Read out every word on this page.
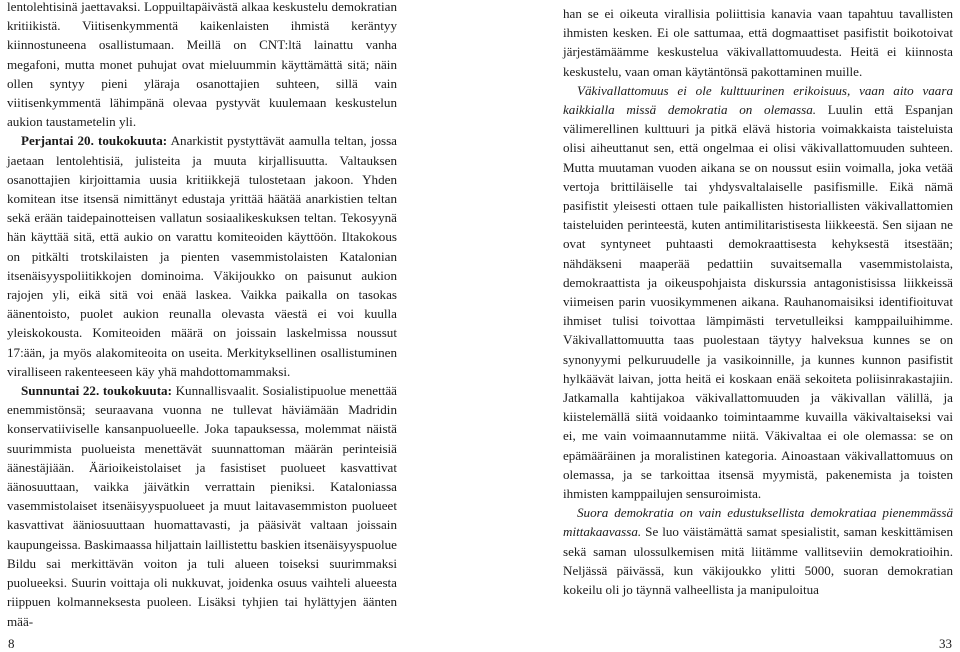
lentolehtisinä jaettavaksi. Loppuiltapäivästä alkaa keskustelu demokratian kritiikistä. Viitisenkymmentä kaikenlaisten ihmistä keräntyy kiinnostuneena osallistumaan. Meillä on CNT:ltä lainattu vanha megafoni, mutta monet puhujat ovat mieluummin käyttämättä sitä; näin ollen syntyy pieni yläraja osanottajien suhteen, sillä vain viitisenkymmentä lähimpänä olevaa pystyvät kuulemaan keskustelun aukion taustametelin yli.

Perjantai 20. toukokuuta: Anarkistit pystyttävät aamulla teltan, jossa jaetaan lentolehtisiä, julisteita ja muuta kirjallisuutta. Valtauksen osanottajien kirjoittamia uusia kritiikkejä tulostetaan jakoon. Yhden komitean itse itsensä nimittänyt edustaja yrittää häätää anarkistien teltan sekä erään taidepainotteisen vallatun sosiaalikeskuksen teltan. Tekosyynä hän käyttää sitä, että aukio on varattu komiteoiden käyttöön. Iltakokous on pitkälti trotskilaisten ja pienten vasemmistolaisten Katalonian itsenäisyyspoliitikkojen dominoima. Väkijoukko on paisunut aukion rajojen yli, eikä sitä voi enää laskea. Vaikka paikalla on tasokas äänentoisto, puolet aukion reunalla olevasta väestä ei voi kuulla yleiskokousta. Komiteoiden määrä on joissain laskelmissa noussut 17:ään, ja myös alakomiteoita on useita. Merkityksellinen osallistuminen viralliseen rakenteeseen käy yhä mahdottomammaksi.

Sunnuntai 22. toukokuuta: Kunnallisvaalit. Sosialistipuolue menettää enemmistönsä; seuraavana vuonna ne tullevat häviämään Madridin konservatiiviselle kansanpuolueelle. Joka tapauksessa, molemmat näistä suurimmista puolueista menettävät suunnattoman määrän perinteisiä äänestäjiään. Äärioikeistolaiset ja fasistiset puolueet kasvattivat äänosuuttaan, vaikka jäivätkin verrattain pieniksi. Kataloniassa vasemmistolaiset itsenäisyyspuolueet ja muut laitavasemmiston puolueet kasvattivat ääniosuuttaan huomattavasti, ja pääsivät valtaan joissain kaupungeissa. Baskimaassa hiljattain laillistettu baskien itsenäisyyspuolue Bildu sai merkittävän voiton ja tuli alueen toiseksi suurimmaksi puolueeksi. Suurin voittaja oli nukkuvat, joidenka osuus vaihteli alueesta riippuen kolmanneksesta puoleen. Lisäksi tyhjien tai hylättyjen äänten mää-

han se ei oikeuta virallisia poliittisia kanavia vaan tapahtuu tavallisten ihmisten kesken. Ei ole sattumaa, että dogmaattiset pasifistit boikotoivat järjestämäämme keskustelua väkivallattomuudesta. Heitä ei kiinnosta keskustelu, vaan oman käytäntönsä pakottaminen muille.

Väkivallattomuus ei ole kulttuurinen erikoisuus, vaan aito vaara kaikkialla missä demokratia on olemassa. Luulin että Espanjan välimerellinen kulttuuri ja pitkä elävä historia voimakkaista taisteluista olisi aiheuttanut sen, että ongelmaa ei olisi väkivallattomuuden suhteen. Mutta muutaman vuoden aikana se on noussut esiin voimalla, joka vetää vertoja brittiläiselle tai yhdysvaltalaiselle pasifismille. Eikä nämä pasifistit yleisesti ottaen tule paikallisten historiallisten väkivallattomien taisteluiden perinteestä, kuten antimilitaristisesta liikkeestä. Sen sijaan ne ovat syntyneet puhtaasti demokraattisesta kehyksestä itsestään; nähdäkseni maaperää pedattiin suvaitsemalla vasemmistolaista, demokraattista ja oikeuspohjaista diskurssia antagonistisissa liikkeissä viimeisen parin vuosikymmenen aikana. Rauhanomaisiksi identifioituvat ihmiset tulisi toivottaa lämpimästi tervetulleiksi kamppailuihimme. Väkivallattomuutta taas puolestaan täytyy halveksua kunnes se on synonyymi pelkuruudelle ja vasikoinnille, ja kunnes kunnon pasifistit hylkäävät laivan, jotta heitä ei koskaan enää sekoiteta poliisinrakastajiin. Jatkamalla kahtijakoa väkivallattomuuden ja väkivallan välillä, ja kiistelemällä siitä voidaanko toimintaamme kuvailla väkivaltaiseksi vai ei, me vain voimaannutamme niitä. Väkivaltaa ei ole olemassa: se on epämääräinen ja moralistinen kategoria. Ainoastaan väkivallattomuus on olemassa, ja se tarkoittaa itsensä myymistä, pakenemista ja toisten ihmisten kamppailujen sensuroimista.

Suora demokratia on vain edustuksellista demokratiaa pienemmässä mittakaavassa. Se luo väistämättä samat spesialistit, saman keskittämisen sekä saman ulossulkemisen mitä liitämme vallitseviin demokratioihin. Neljässä päivässä, kun väkijoukko ylitti 5000, suoran demokratian kokeilu oli jo täynnä valheellista ja manipuloitua

8	33
